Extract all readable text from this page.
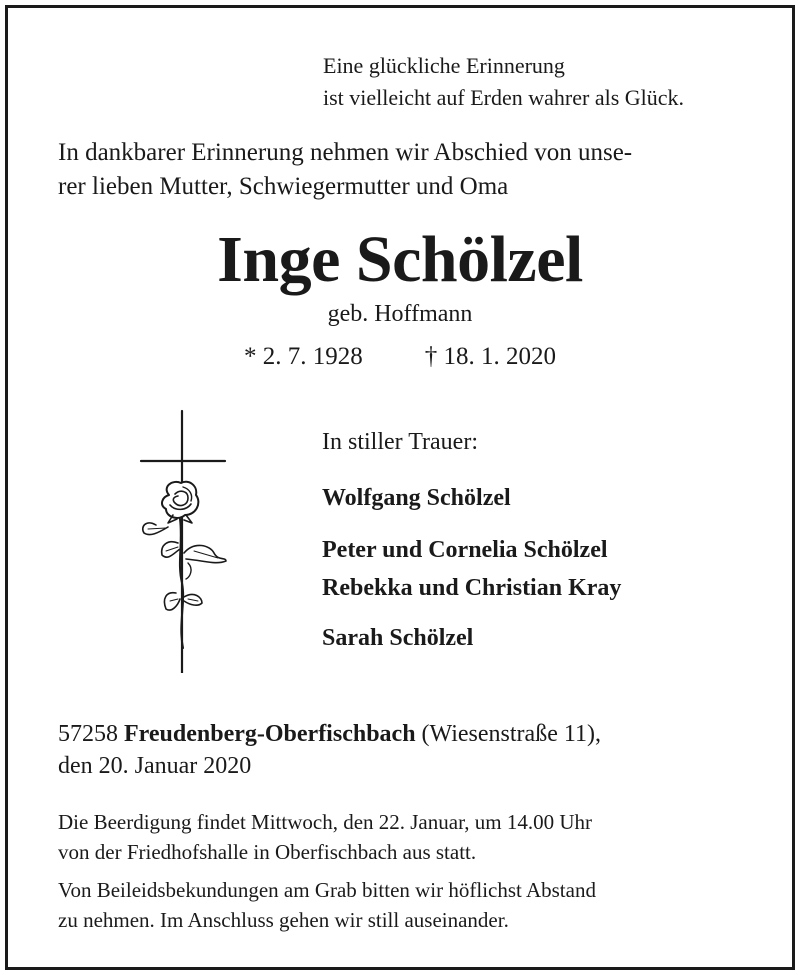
Eine glückliche Erinnerung
ist vielleicht auf Erden wahrer als Glück.
In dankbarer Erinnerung nehmen wir Abschied von unse-
rer lieben Mutter, Schwiegermutter und Oma
Inge Schölzel
geb. Hoffmann
* 2. 7. 1928 † 18. 1. 2020
In stiller Trauer:
Wolfgang Schölzel
Peter und Cornelia Schölzel
Rebekka und Christian Kray
Sarah Schölzel
57258 Freudenberg-Oberfischbach (Wiesenstraße 11),
den 20. Januar 2020
Die Beerdigung findet Mittwoch, den 22. Januar, um 14.00 Uhr
von der Friedhofshalle in Oberfischbach aus statt.
Von Beileidsbekundungen am Grab bitten wir höflichst Abstand
zu nehmen. Im Anschluss gehen wir still auseinander.
